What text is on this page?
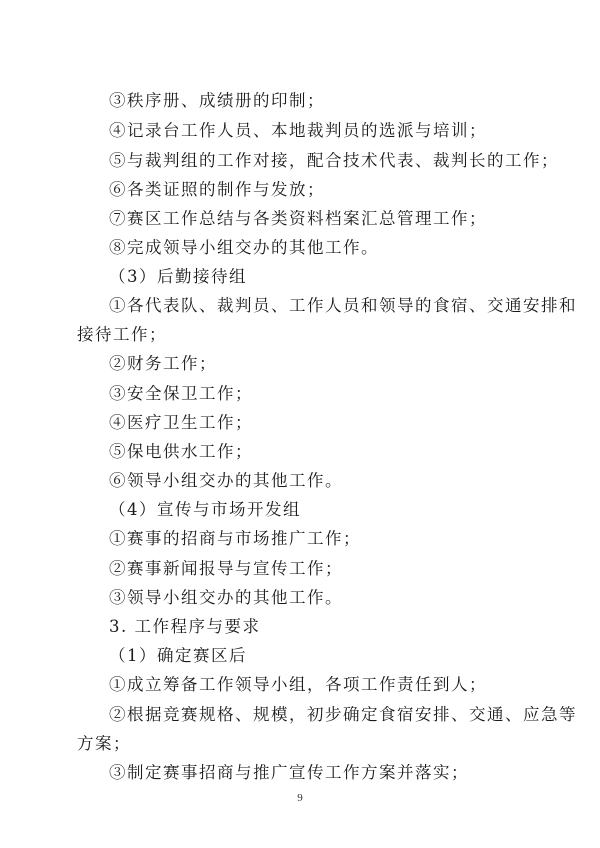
③秩序册、成绩册的印制；
④记录台工作人员、本地裁判员的选派与培训；
⑤与裁判组的工作对接，配合技术代表、裁判长的工作；
⑥各类证照的制作与发放；
⑦赛区工作总结与各类资料档案汇总管理工作；
⑧完成领导小组交办的其他工作。
（3）后勤接待组
①各代表队、裁判员、工作人员和领导的食宿、交通安排和
接待工作；
②财务工作；
③安全保卫工作；
④医疗卫生工作；
⑤保电供水工作；
⑥领导小组交办的其他工作。
（4）宣传与市场开发组
①赛事的招商与市场推广工作；
②赛事新闻报导与宣传工作；
③领导小组交办的其他工作。
3. 工作程序与要求
（1）确定赛区后
①成立筹备工作领导小组，各项工作责任到人；
②根据竞赛规格、规模，初步确定食宿安排、交通、应急等
方案；
③制定赛事招商与推广宣传工作方案并落实；
9
